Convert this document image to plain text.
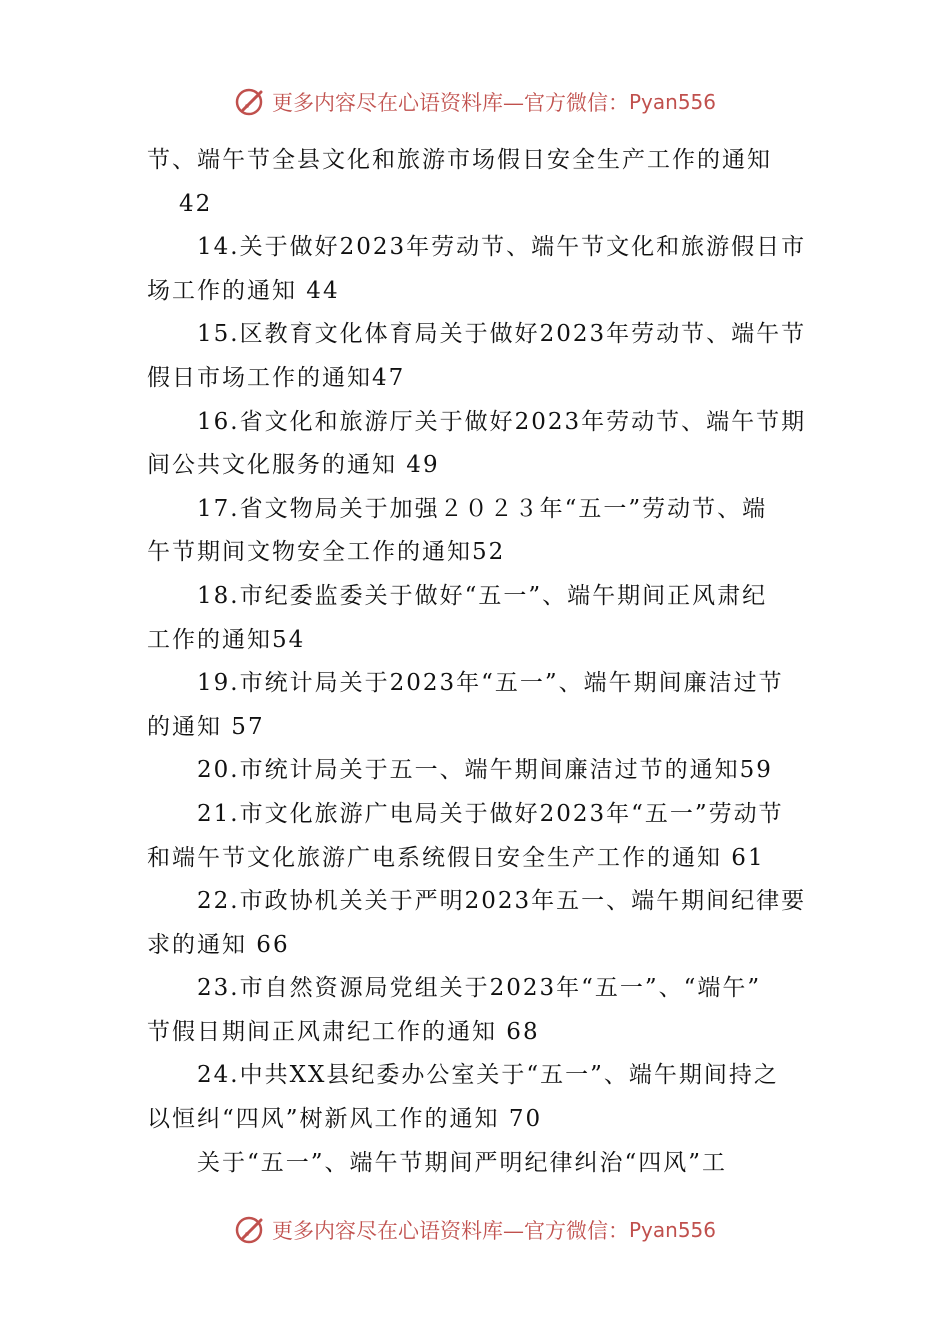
更多内容尽在心语资料库—官方微信： Pyan556
节、端午节全县文化和旅游市场假日安全生产工作的通知
42
14.关于做好2023年劳动节、端午节文化和旅游假日市
场工作的通知 44
15.区教育文化体育局关于做好2023年劳动节、端午节
假日市场工作的通知47
16.省文化和旅游厅关于做好2023年劳动节、端午节期
间公共文化服务的通知 49
17.省文物局关于加强２０２３年“五一”劳动节、端
午节期间文物安全工作的通知52
18.市纪委监委关于做好“五一”、端午期间正风肃纪
工作的通知54
19.市统计局关于2023年“五一”、端午期间廉洁过节
的通知 57
20.市统计局关于五一、端午期间廉洁过节的通知59
21.市文化旅游广电局关于做好2023年“五一”劳动节
和端午节文化旅游广电系统假日安全生产工作的通知 61
22.市政协机关关于严明2023年五一、端午期间纪律要
求的通知 66
23.市自然资源局党组关于2023年“五一”、“端午”
节假日期间正风肃纪工作的通知 68
24.中共XX县纪委办公室关于“五一”、端午期间持之
以恒纠“四风”树新风工作的通知 70
关于“五一”、端午节期间严明纪律纠治“四风”工
更多内容尽在心语资料库—官方微信： Pyan556
